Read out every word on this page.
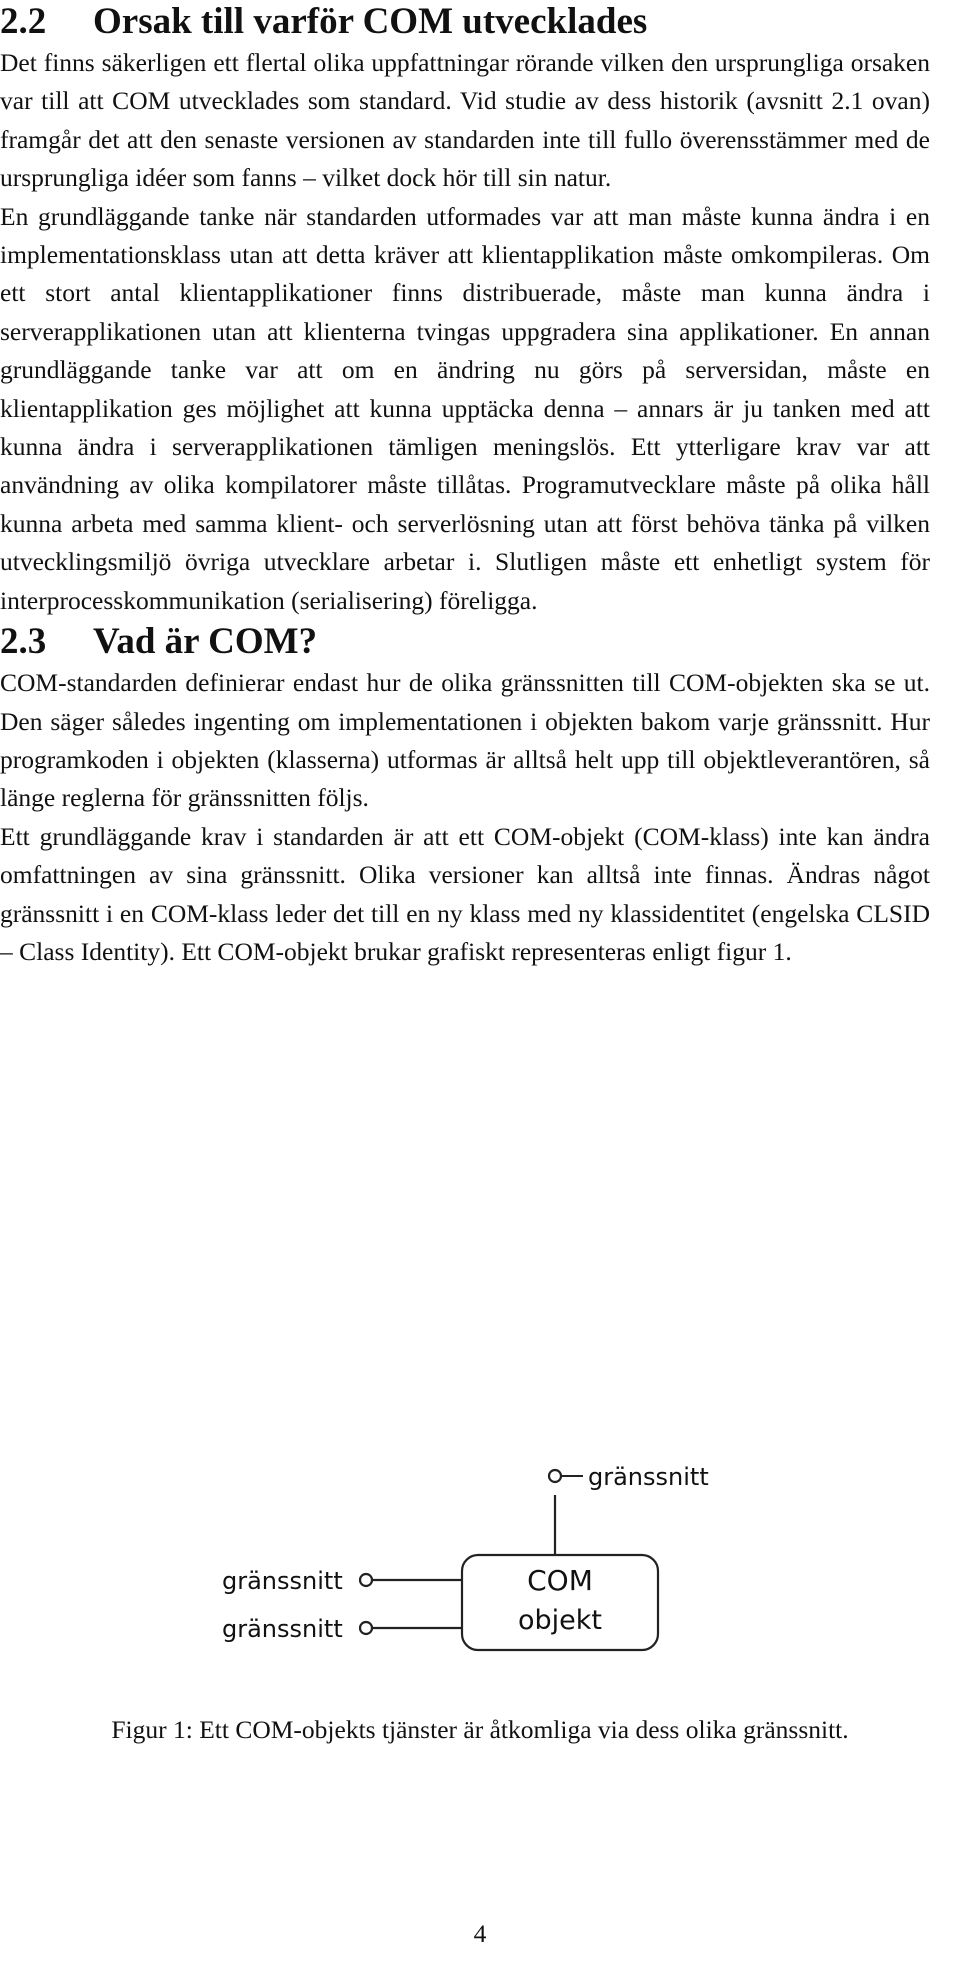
2.2 Orsak till varför COM utvecklades

Det finns säkerligen ett flertal olika uppfattningar rörande vilken den ursprungliga orsaken var till att COM utvecklades som standard. Vid studie av dess historik (avsnitt 2.1 ovan) framgår det att den senaste versionen av standarden inte till fullo överensstämmer med de ursprungliga idéer som fanns – vilket dock hör till sin natur.

En grundläggande tanke när standarden utformades var att man måste kunna ändra i en implementationsklass utan att detta kräver att klientapplikation måste omkompileras. Om ett stort antal klientapplikationer finns distribuerade, måste man kunna ändra i serverapplikationen utan att klienterna tvingas uppgradera sina applikationer. En annan grundläggande tanke var att om en ändring nu görs på serversidan, måste en klientapplikation ges möjlighet att kunna upptäcka denna – annars är ju tanken med att kunna ändra i serverapplikationen tämligen meningslös. Ett ytterligare krav var att användning av olika kompilatorer måste tillåtas. Programutvecklare måste på olika håll kunna arbeta med samma klient- och serverlösning utan att först behöva tänka på vilken utvecklingsmiljö övriga utvecklare arbetar i. Slutligen måste ett enhetligt system för interprocesskommunikation (serialisering) föreligga.

2.3 Vad är COM?

COM-standarden definierar endast hur de olika gränssnitten till COM-objekten ska se ut. Den säger således ingenting om implementationen i objekten bakom varje gränssnitt. Hur programkoden i objekten (klasserna) utformas är alltså helt upp till objektleverantören, så länge reglerna för gränssnitten följs.

Ett grundläggande krav i standarden är att ett COM-objekt (COM-klass) inte kan ändra omfattningen av sina gränssnitt. Olika versioner kan alltså inte finnas. Ändras något gränssnitt i en COM-klass leder det till en ny klass med ny klassidentitet (engelska CLSID – Class Identity). Ett COM-objekt brukar grafiskt representeras enligt figur 1.

gränssnitt
gränssnitt
gränssnitt
COM
objekt
Figur 1: Ett COM-objekts tjänster är åtkomliga via dess olika gränssnitt.
4
